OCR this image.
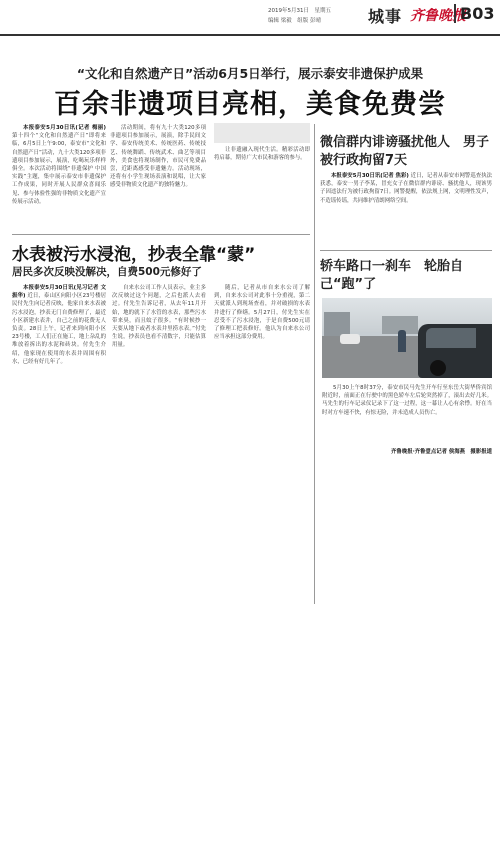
2019年5月31日　星期五
编辑 梁毅　组版 彭晴	城事 齐鲁晚报
B03
“文化和自然遗产日”活动6月5日举行，展示泰安非遗保护成果
百余非遗项目亮相，美食免费尝

本报泰安5月30日讯(记者 梅丽) 第十四个“文化和自然遗产日”即将来临，6月5日上午9:00，泰安市“文化和自然遗产日”活动，九十大类120多项非遗项目参加展示，展演，吃喝玩乐样样俱全。本次活动将围绕“非遗保护 中国实践”主题，集中展示泰安市非遗保护工作成果，同时开展人民群众喜闻乐见、参与体验性强的非物质文化遗产宣传展示活动。

活动期间，将有九十大类120多项非遗项目参加展示，展演，除手民间文学、泰安传统美术、传统医药、传统技艺、传统舞蹈、传统武术、曲艺等项目外，美食也将现场制作，市民可免费品尝，近距离感受非遗魅力。活动现场，还将有小学生现场表演和说唱，让大家感受非物质文化遗产的独特魅力。

让非遗融入现代生活。精彩活动即将启幕，期待广大市民和游客的参与。

水表被污水浸泡，抄表全靠“蒙”
居民多次反映没解决，自费500元修好了

本报泰安5月30日讯(见习记者 文振华) 近日，泰山区向阳小区23号楼居民付先生向记者反映，他家自来水表被污水浸泡，抄表无门自费修理了，最近小区新建水表井，自己之前的花费无人负责。28日上午，记者来到向阳小区23号楼，工人们正在施工，地上杂乱的堆放着拆出的水泥和砖块。付先生介绍，他家现在使用的水表井周围有积水，已经有好几年了。

自来水公司工作人员表示，业主多次反映过这个问题，之后也派人去看过。付先生告诉记者，从去年11月开始，地的就下了水管的水表，那些污水带来臭，而且蚊子很多。“有时候抄一天要从地下或者水表井里捞水表。”付先生说，抄表员也看不清数字，只能估算用量。

随后，记者从市自来水公司了解到，自来水公司对此事十分重视，第二天就派人到现场查看，并对破损的水表井进行了修缮。5月27日，付先生实在忍受不了污水浸泡，于是自费500元请了修理工把表修好。他认为自来水公司应当承担这部分费用。

微信群内诽谤骚扰他人　男子被行政拘留7天

本报泰安5月30日讯(记者 焦彩) 近日，记者从泰安市网警巡查执法获悉，泰安一男子李某，冒充女子在微信群内诽谤、骚扰他人，现该男子因违法行为被行政拘留7日。网警提醒，依法规上网，文明理性发声，不造谣传谣，共同维护清朗网络空间。

轿车路口一刹车　轮胎自己“跑”了

5月30上午8时37分，泰安市民马先生开车行至东岳大街华侨宾馆附近时，前面正在行驶中的黑色轿车左后轮突然掉了，滚出去好几米。马先生的行车记录仪记录下了这一过程，这一幕让人心有余悸。好在当时对方车速不快，有惊无险，并未造成人员伤亡。

齐鲁晚报·齐鲁壹点记者 侯海燕　摄影报道
